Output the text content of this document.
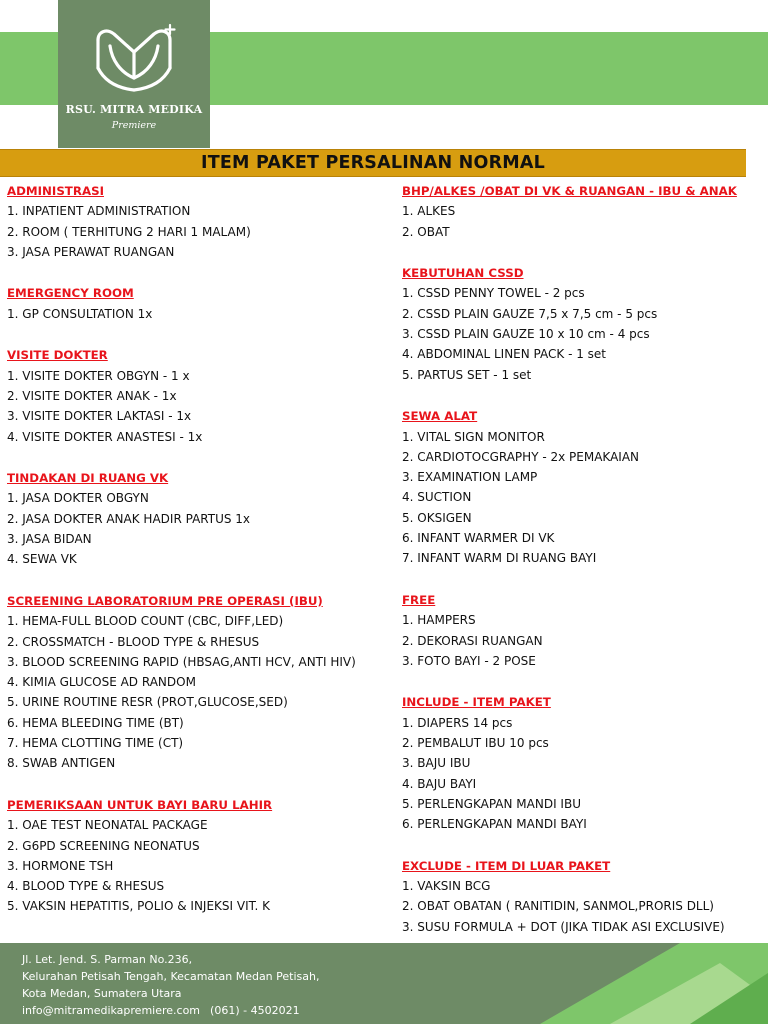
RSU. MITRA MEDIKA
Premiere
ITEM PAKET PERSALINAN NORMAL
ADMINISTRASI
1. INPATIENT ADMINISTRATION
2. ROOM ( TERHITUNG 2 HARI 1 MALAM)
3. JASA PERAWAT RUANGAN
EMERGENCY ROOM
1. GP CONSULTATION 1x
VISITE DOKTER
1. VISITE DOKTER OBGYN - 1 x
2. VISITE DOKTER ANAK - 1x
3. VISITE DOKTER LAKTASI - 1x
4. VISITE DOKTER ANASTESI - 1x
TINDAKAN DI RUANG VK
1. JASA DOKTER OBGYN
2. JASA DOKTER ANAK HADIR PARTUS 1x
3. JASA BIDAN
4. SEWA VK
SCREENING LABORATORIUM PRE OPERASI (IBU)
1. HEMA-FULL BLOOD COUNT (CBC, DIFF,LED)
2. CROSSMATCH - BLOOD TYPE & RHESUS
3. BLOOD SCREENING RAPID (HBSAG,ANTI HCV, ANTI HIV)
4. KIMIA GLUCOSE AD RANDOM
5. URINE ROUTINE RESR (PROT,GLUCOSE,SED)
6. HEMA BLEEDING TIME (BT)
7. HEMA CLOTTING TIME (CT)
8. SWAB ANTIGEN
PEMERIKSAAN UNTUK BAYI BARU LAHIR
1. OAE TEST NEONATAL PACKAGE
2. G6PD SCREENING NEONATUS
3. HORMONE TSH
4. BLOOD TYPE & RHESUS
5. VAKSIN HEPATITIS, POLIO & INJEKSI VIT. K
BHP/ALKES /OBAT DI VK & RUANGAN - IBU & ANAK
1. ALKES
2. OBAT
KEBUTUHAN CSSD
1. CSSD PENNY TOWEL - 2 pcs
2. CSSD PLAIN GAUZE 7,5 x 7,5 cm - 5 pcs
3. CSSD PLAIN GAUZE 10 x 10 cm - 4 pcs
4. ABDOMINAL LINEN PACK - 1 set
5. PARTUS SET - 1 set
SEWA ALAT
1. VITAL SIGN MONITOR
2. CARDIOTOCGRAPHY - 2x PEMAKAIAN
3. EXAMINATION LAMP
4. SUCTION
5. OKSIGEN
6. INFANT WARMER DI VK
7. INFANT WARM DI RUANG BAYI
FREE
1. HAMPERS
2. DEKORASI RUANGAN
3. FOTO BAYI - 2 POSE
INCLUDE - ITEM PAKET
1. DIAPERS 14 pcs
2. PEMBALUT IBU 10 pcs
3. BAJU IBU
4. BAJU BAYI
5. PERLENGKAPAN MANDI IBU
6. PERLENGKAPAN MANDI BAYI
EXCLUDE - ITEM DI LUAR PAKET
1. VAKSIN BCG
2. OBAT OBATAN ( RANITIDIN, SANMOL,PRORIS DLL)
3. SUSU FORMULA + DOT (JIKA TIDAK ASI EXCLUSIVE)
Jl. Let. Jend. S. Parman No.236,
Kelurahan Petisah Tengah, Kecamatan Medan Petisah,
Kota Medan, Sumatera Utara
info@mitramedikapremiere.com (061) - 4502021
